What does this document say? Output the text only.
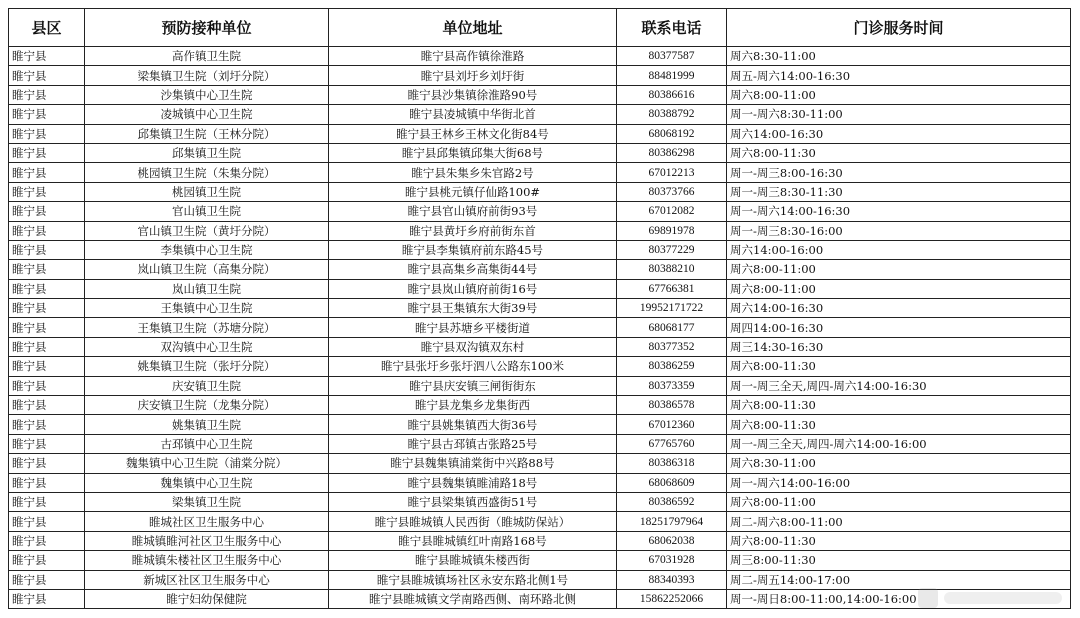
县区	预防接种单位	单位地址	联系电话	门诊服务时间
睢宁县	高作镇卫生院	睢宁县高作镇徐淮路	80377587	周六8:30-11:00
睢宁县	梁集镇卫生院（刘圩分院）	睢宁县刘圩乡刘圩街	88481999	周五-周六14:00-16:30
睢宁县	沙集镇中心卫生院	睢宁县沙集镇徐淮路90号	80386616	周六8:00-11:00
睢宁县	凌城镇中心卫生院	睢宁县凌城镇中华街北首	80388792	周一-周六8:30-11:00
睢宁县	邱集镇卫生院（王林分院）	睢宁县王林乡王林文化街84号	68068192	周六14:00-16:30
睢宁县	邱集镇卫生院	睢宁县邱集镇邱集大街68号	80386298	周六8:00-11:30
睢宁县	桃园镇卫生院（朱集分院）	睢宁县朱集乡朱官路2号	67012213	周一-周三8:00-16:30
睢宁县	桃园镇卫生院	睢宁县桃元镇仔仙路100#	80373766	周一-周三8:30-11:30
睢宁县	官山镇卫生院	睢宁县官山镇府前街93号	67012082	周一-周六14:00-16:30
睢宁县	官山镇卫生院（黄圩分院）	睢宁县黄圩乡府前街东首	69891978	周一-周三8:30-16:00
睢宁县	李集镇中心卫生院	睢宁县李集镇府前东路45号	80377229	周六14:00-16:00
睢宁县	岚山镇卫生院（高集分院）	睢宁县高集乡高集街44号	80388210	周六8:00-11:00
睢宁县	岚山镇卫生院	睢宁县岚山镇府前街16号	67766381	周六8:00-11:00
睢宁县	王集镇中心卫生院	睢宁县王集镇东大街39号	19952171722	周六14:00-16:30
睢宁县	王集镇卫生院（苏塘分院）	睢宁县苏塘乡平楼街道	68068177	周四14:00-16:30
睢宁县	双沟镇中心卫生院	睢宁县双沟镇双东村	80377352	周三14:30-16:30
睢宁县	姚集镇卫生院（张圩分院）	睢宁县张圩乡张圩泗八公路东100米	80386259	周六8:00-11:30
睢宁县	庆安镇卫生院	睢宁县庆安镇三闸街街东	80373359	周一-周三全天,周四-周六14:00-16:30
睢宁县	庆安镇卫生院（龙集分院）	睢宁县龙集乡龙集街西	80386578	周六8:00-11:30
睢宁县	姚集镇卫生院	睢宁县姚集镇西大街36号	67012360	周六8:00-11:30
睢宁县	古邳镇中心卫生院	睢宁县古邳镇古张路25号	67765760	周一-周三全天,周四-周六14:00-16:00
睢宁县	魏集镇中心卫生院（浦棠分院）	睢宁县魏集镇浦棠街中兴路88号	80386318	周六8:30-11:00
睢宁县	魏集镇中心卫生院	睢宁县魏集镇睢浦路18号	68068609	周一-周六14:00-16:00
睢宁县	梁集镇卫生院	睢宁县梁集镇西盛街51号	80386592	周六8:00-11:00
睢宁县	睢城社区卫生服务中心	睢宁县睢城镇人民西街（睢城防保站）	18251797964	周二-周六8:00-11:00
睢宁县	睢城镇睢河社区卫生服务中心	睢宁县睢城镇红叶南路168号	68062038	周六8:00-11:30
睢宁县	睢城镇朱楼社区卫生服务中心	睢宁县睢城镇朱楼西街	67031928	周三8:00-11:30
睢宁县	新城区社区卫生服务中心	睢宁县睢城镇场社区永安东路北侧1号	88340393	周二-周五14:00-17:00
睢宁县	睢宁妇幼保健院	睢宁县睢城镇文学南路西侧、南环路北侧	15862252066	周一-周日8:00-11:00,14:00-16:00
